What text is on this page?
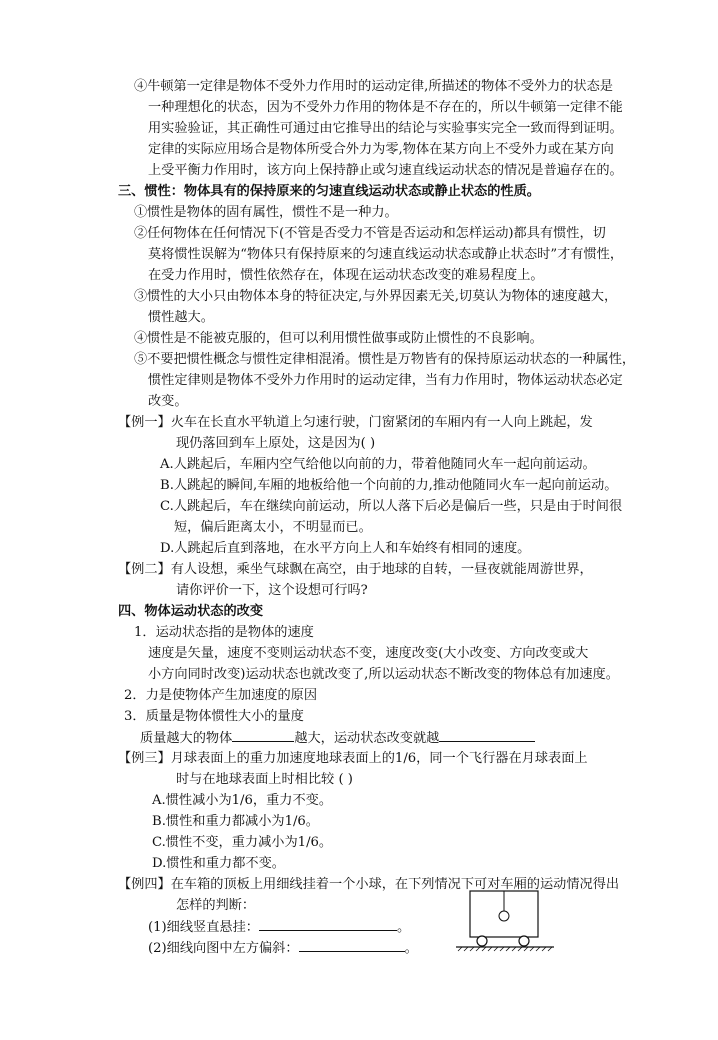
④牛顿第一定律是物体不受外力作用时的运动定律,所描述的物体不受外力的状态是
一种理想化的状态，因为不受外力作用的物体是不存在的，所以牛顿第一定律不能
用实验验证，其正确性可通过由它推导出的结论与实验事实完全一致而得到证明。
定律的实际应用场合是物体所受合外力为零,物体在某方向上不受外力或在某方向
上受平衡力作用时，该方向上保持静止或匀速直线运动状态的情况是普遍存在的。
三、惯性：物体具有的保持原来的匀速直线运动状态或静止状态的性质。
①惯性是物体的固有属性，惯性不是一种力。
②任何物体在任何情况下(不管是否受力不管是否运动和怎样运动)都具有惯性，切
莫将惯性误解为“物体只有保持原来的匀速直线运动状态或静止状态时”才有惯性，
在受力作用时，惯性依然存在，体现在运动状态改变的难易程度上。
③惯性的大小只由物体本身的特征决定,与外界因素无关,切莫认为物体的速度越大，
惯性越大。
④惯性是不能被克服的，但可以利用惯性做事或防止惯性的不良影响。
⑤不要把惯性概念与惯性定律相混淆。惯性是万物皆有的保持原运动状态的一种属性，
惯性定律则是物体不受外力作用时的运动定律，当有力作用时，物体运动状态必定
改变。
【例一】火车在长直水平轨道上匀速行驶，门窗紧闭的车厢内有一人向上跳起，发
现仍落回到车上原处，这是因为( )
A.人跳起后，车厢内空气给他以向前的力，带着他随同火车一起向前运动。
B.人跳起的瞬间,车厢的地板给他一个向前的力,推动他随同火车一起向前运动。
C.人跳起后，车在继续向前运动，所以人落下后必是偏后一些，只是由于时间很
短，偏后距离太小，不明显而已。
D.人跳起后直到落地，在水平方向上人和车始终有相同的速度。
【例二】有人设想，乘坐气球飘在高空，由于地球的自转，一昼夜就能周游世界，
请你评价一下，这个设想可行吗?
四、物体运动状态的改变
1．运动状态指的是物体的速度
速度是矢量，速度不变则运动状态不变，速度改变(大小改变、方向改变或大
小方向同时改变)运动状态也就改变了,所以运动状态不断改变的物体总有加速度。
2．力是使物体产生加速度的原因
3．质量是物体惯性大小的量度
质量越大的物体	越大，运动状态改变就越
【例三】月球表面上的重力加速度地球表面上的1/6，同一个飞行器在月球表面上
时与在地球表面上时相比较 ( )
A.惯性减小为1/6，重力不变。
B.惯性和重力都减小为1/6。
C.惯性不变，重力减小为1/6。
D.惯性和重力都不变。
【例四】在车箱的顶板上用细线挂着一个小球，在下列情况下可对车厢的运动情况得出
怎样的判断：
(1)细线竖直悬挂：	。
(2)细线向图中左方偏斜：	。
